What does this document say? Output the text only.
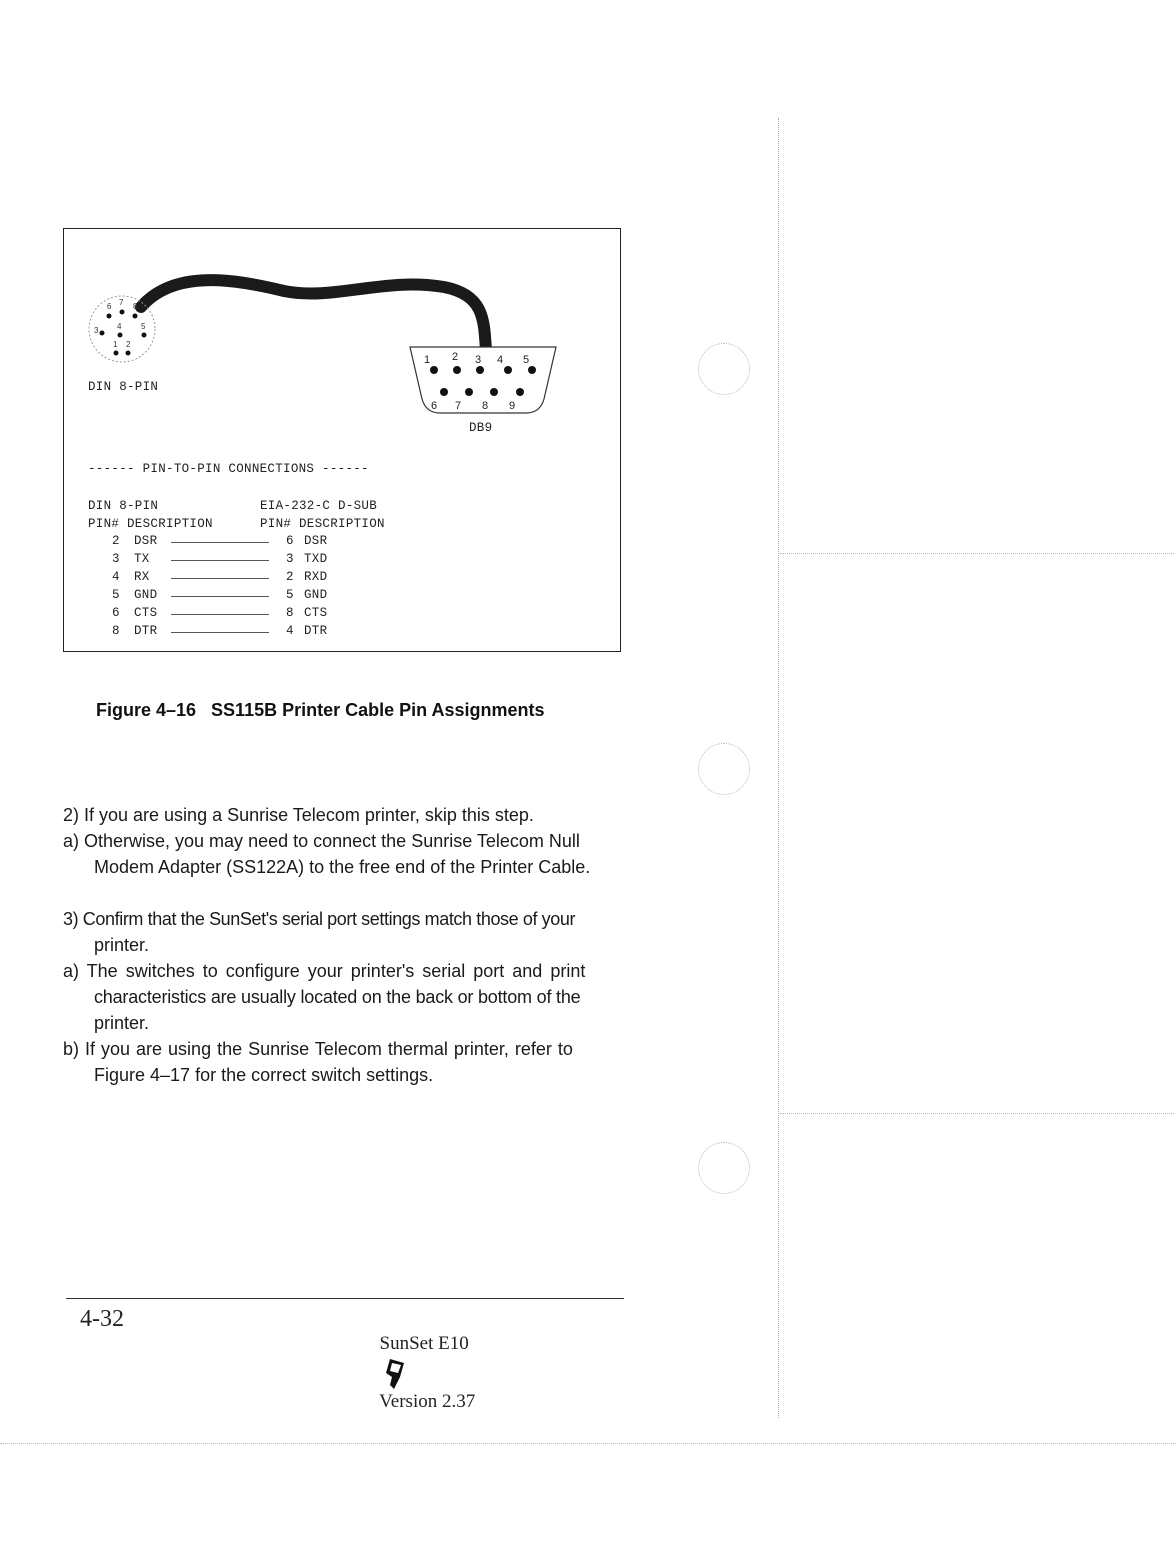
6 7 8
3 4 5
1 2
1 2 3 4 5
6 7 8 9
DIN 8-PIN
DB9
------ PIN-TO-PIN CONNECTIONS ------
DIN 8-PIN	EIA-232-C D-SUB
PIN# DESCRIPTION	PIN# DESCRIPTION
2 DSR	6 DSR
3 TX	3 TXD
4 RX	2 RXD
5 GND	5 GND
6 CTS	8 CTS
8 DTR	4 DTR
Figure 4–16   SS115B Printer Cable Pin Assignments
2) If you are using a Sunrise Telecom printer, skip this step.
a) Otherwise, you may need to connect the Sunrise Telecom Null
Modem Adapter (SS122A) to the free end of the Printer Cable.
3) Confirm that the SunSet's serial port settings match those of your
printer.
a) The switches to configure your printer's serial port and print
characteristics are usually located on the back or bottom of the
printer.
b) If you are using the Sunrise Telecom thermal printer, refer to
Figure 4–17 for the correct switch settings.
4-32

SunSet E10

Version 2.37
